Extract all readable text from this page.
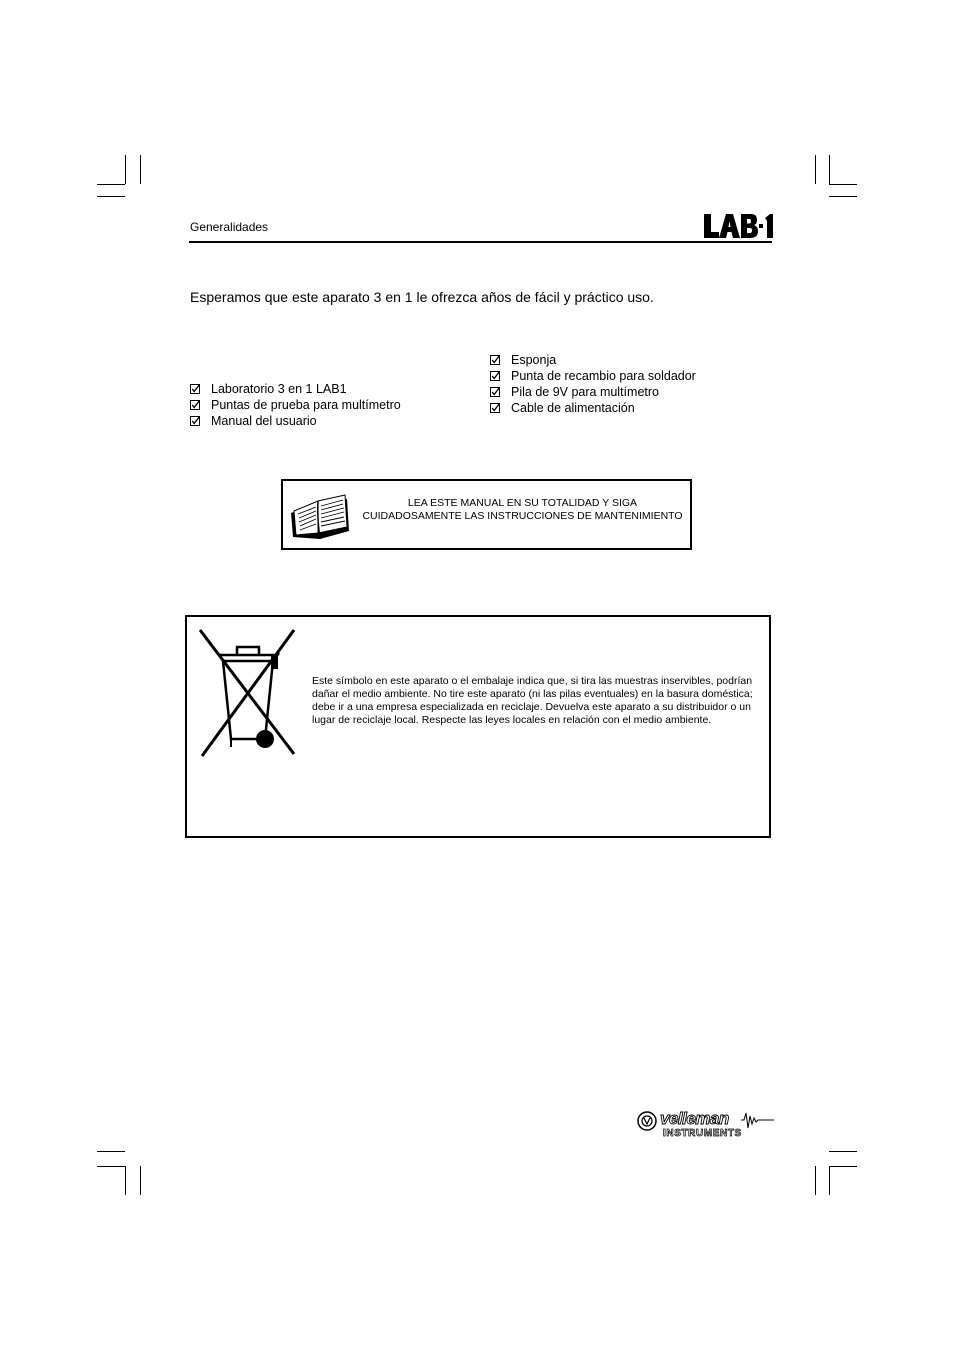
Generalidades
LAB-1
Esperamos que este aparato 3 en 1 le ofrezca años de fácil y práctico uso.
Laboratorio 3 en 1 LAB1
Puntas de prueba para multímetro
Manual del usuario
Esponja
Punta de recambio para soldador
Pila de 9V para multímetro
Cable de alimentación
LEA ESTE MANUAL EN SU TOTALIDAD Y SIGA
CUIDADOSAMENTE LAS INSTRUCCIONES DE MANTENIMIENTO
Este símbolo en este aparato o el embalaje indica que, si tira las muestras inservibles, podrían dañar el medio ambiente. No tire este aparato (ni las pilas eventuales) en la basura doméstica; debe ir a una empresa especializada en reciclaje. Devuelva este aparato a su distribuidor o un lugar de reciclaje local. Respecte las leyes locales en relación con el medio ambiente.
velleman
INSTRUMENTS
